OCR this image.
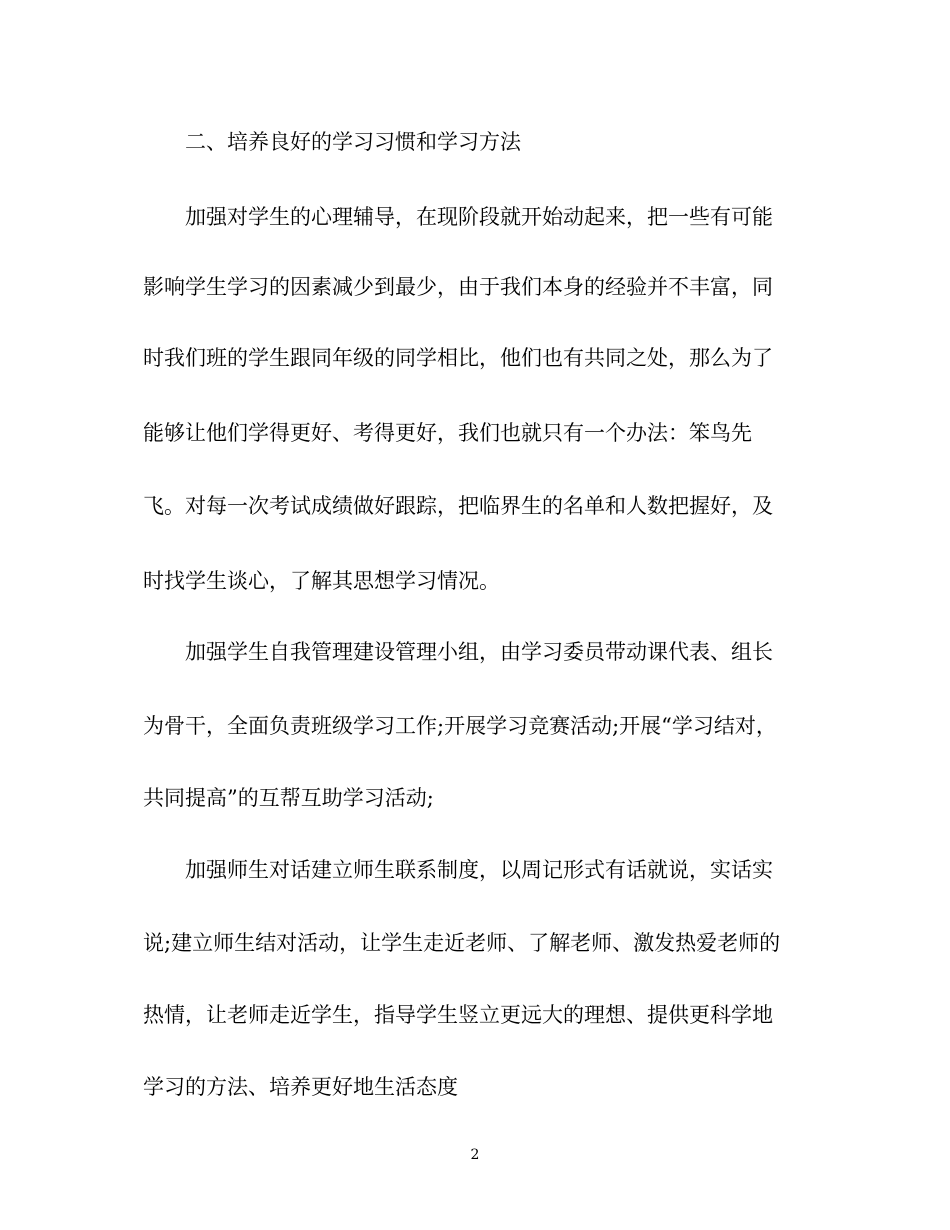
二、培养良好的学习习惯和学习方法
加强对学生的心理辅导，在现阶段就开始动起来，把一些有可能
影响学生学习的因素减少到最少，由于我们本身的经验并不丰富，同
时我们班的学生跟同年级的同学相比，他们也有共同之处，那么为了
能够让他们学得更好、考得更好，我们也就只有一个办法：笨鸟先
飞。对每一次考试成绩做好跟踪，把临界生的名单和人数把握好，及
时找学生谈心，了解其思想学习情况。
加强学生自我管理建设管理小组，由学习委员带动课代表、组长
为骨干，全面负责班级学习工作;开展学习竞赛活动;开展“学习结对，
共同提高”的互帮互助学习活动;
加强师生对话建立师生联系制度，以周记形式有话就说，实话实
说;建立师生结对活动，让学生走近老师、了解老师、激发热爱老师的
热情，让老师走近学生，指导学生竖立更远大的理想、提供更科学地
学习的方法、培养更好地生活态度
2
